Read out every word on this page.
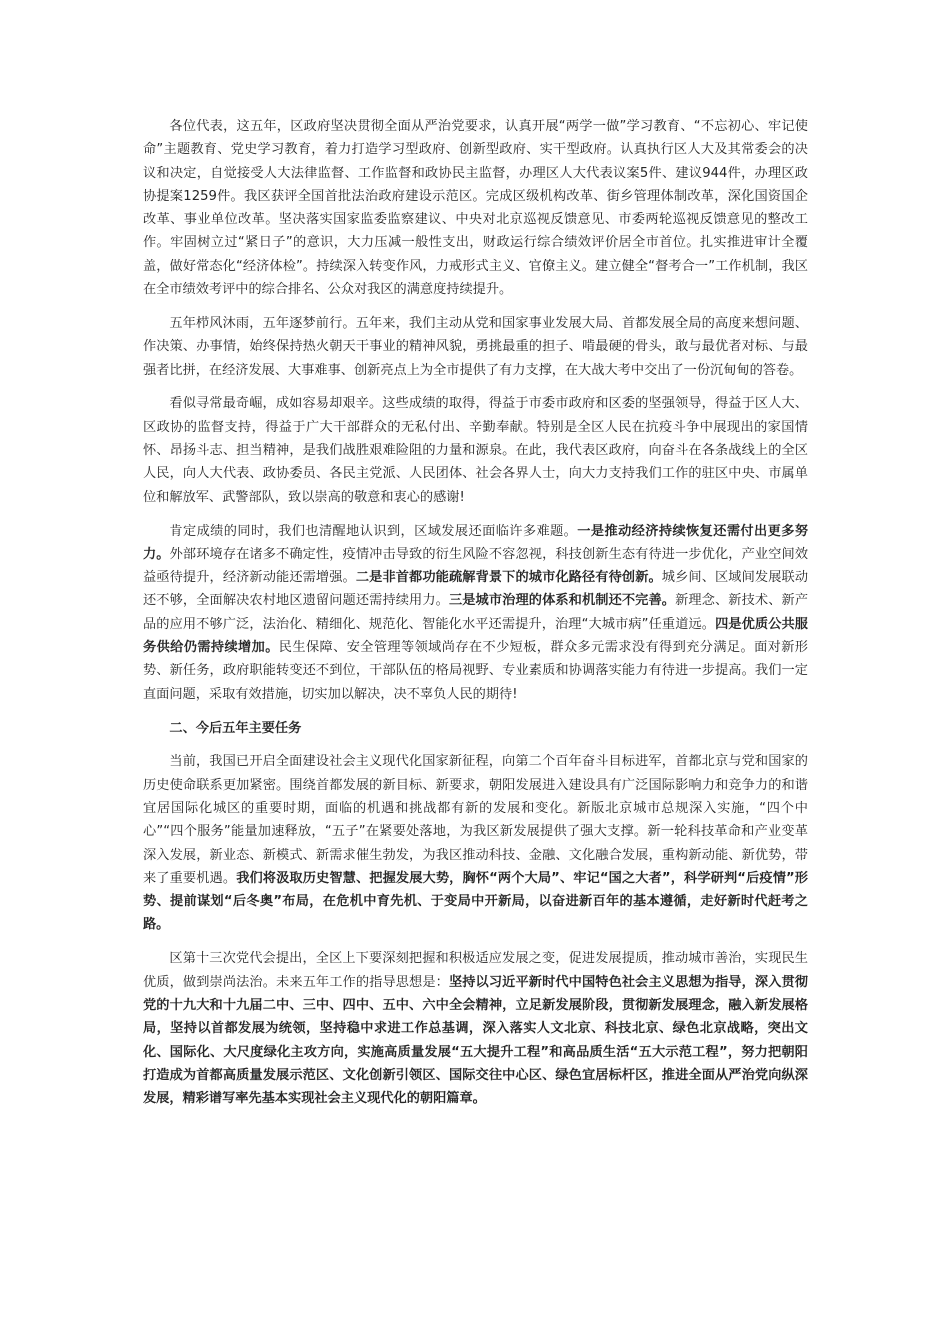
各位代表，这五年，区政府坚决贯彻全面从严治党要求，认真开展“两学一做”学习教育、“不忘初心、牢记使命”主题教育、党史学习教育，着力打造学习型政府、创新型政府、实干型政府。认真执行区人大及其常委会的决议和决定，自觉接受人大法律监督、工作监督和政协民主监督，办理区人大代表议案5件、建议944件，办理区政协提案1259件。我区获评全国首批法治政府建设示范区。完成区级机构改革、街乡管理体制改革，深化国资国企改革、事业单位改革。坚决落实国家监委监察建议、中央对北京巡视反馈意见、市委两轮巡视反馈意见的整改工作。牢固树立过“紧日子”的意识，大力压减一般性支出，财政运行综合绩效评价居全市首位。扎实推进审计全覆盖，做好常态化“经济体检”。持续深入转变作风，力戒形式主义、官僚主义。建立健全“督考合一”工作机制，我区在全市绩效考评中的综合排名、公众对我区的满意度持续提升。

五年栉风沐雨，五年逐梦前行。五年来，我们主动从党和国家事业发展大局、首都发展全局的高度来想问题、作决策、办事情，始终保持热火朝天干事业的精神风貌，勇挑最重的担子、啃最硬的骨头，敢与最优者对标、与最强者比拼，在经济发展、大事难事、创新亮点上为全市提供了有力支撑，在大战大考中交出了一份沉甸甸的答卷。

看似寻常最奇崛，成如容易却艰辛。这些成绩的取得，得益于市委市政府和区委的坚强领导，得益于区人大、区政协的监督支持，得益于广大干部群众的无私付出、辛勤奉献。特别是全区人民在抗疫斗争中展现出的家国情怀、昂扬斗志、担当精神，是我们战胜艰难险阻的力量和源泉。在此，我代表区政府，向奋斗在各条战线上的全区人民，向人大代表、政协委员、各民主党派、人民团体、社会各界人士，向大力支持我们工作的驻区中央、市属单位和解放军、武警部队，致以崇高的敬意和衷心的感谢!

肯定成绩的同时，我们也清醒地认识到，区域发展还面临许多难题。一是推动经济持续恢复还需付出更多努力。外部环境存在诸多不确定性，疫情冲击导致的衍生风险不容忽视，科技创新生态有待进一步优化，产业空间效益亟待提升，经济新动能还需增强。二是非首都功能疏解背景下的城市化路径有待创新。城乡间、区域间发展联动还不够，全面解决农村地区遗留问题还需持续用力。三是城市治理的体系和机制还不完善。新理念、新技术、新产品的应用不够广泛，法治化、精细化、规范化、智能化水平还需提升，治理“大城市病”任重道远。四是优质公共服务供给仍需持续增加。民生保障、安全管理等领域尚存在不少短板，群众多元需求没有得到充分满足。面对新形势、新任务，政府职能转变还不到位，干部队伍的格局视野、专业素质和协调落实能力有待进一步提高。我们一定直面问题，采取有效措施，切实加以解决，决不辜负人民的期待!

二、今后五年主要任务

当前，我国已开启全面建设社会主义现代化国家新征程，向第二个百年奋斗目标进军，首都北京与党和国家的历史使命联系更加紧密。围绕首都发展的新目标、新要求，朝阳发展进入建设具有广泛国际影响力和竞争力的和谐宜居国际化城区的重要时期，面临的机遇和挑战都有新的发展和变化。新版北京城市总规深入实施，“四个中心”“四个服务”能量加速释放，“五子”在紧要处落地，为我区新发展提供了强大支撑。新一轮科技革命和产业变革深入发展，新业态、新模式、新需求催生勃发，为我区推动科技、金融、文化融合发展，重构新动能、新优势，带来了重要机遇。我们将汲取历史智慧、把握发展大势，胸怀“两个大局”、牢记“国之大者”，科学研判“后疫情”形势、提前谋划“后冬奥”布局，在危机中育先机、于变局中开新局，以奋进新百年的基本遵循，走好新时代赶考之路。

区第十三次党代会提出，全区上下要深刻把握和积极适应发展之变，促进发展提质，推动城市善治，实现民生优质，做到崇尚法治。未来五年工作的指导思想是：坚持以习近平新时代中国特色社会主义思想为指导，深入贯彻党的十九大和十九届二中、三中、四中、五中、六中全会精神，立足新发展阶段，贯彻新发展理念，融入新发展格局，坚持以首都发展为统领，坚持稳中求进工作总基调，深入落实人文北京、科技北京、绿色北京战略，突出文化、国际化、大尺度绿化主攻方向，实施高质量发展“五大提升工程”和高品质生活“五大示范工程”，努力把朝阳打造成为首都高质量发展示范区、文化创新引领区、国际交往中心区、绿色宜居标杆区，推进全面从严治党向纵深发展，精彩谱写率先基本实现社会主义现代化的朝阳篇章。
